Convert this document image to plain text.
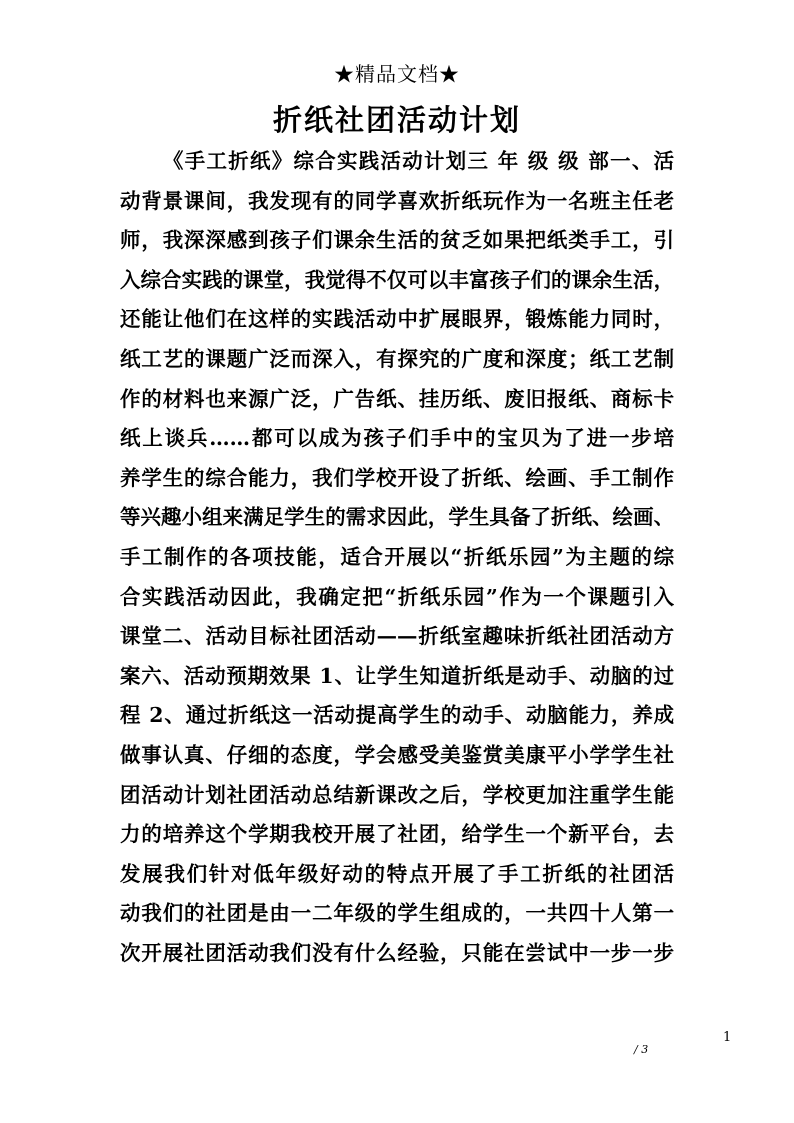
★精品文档★
折纸社团活动计划
《手工折纸》综合实践活动计划三 年 级 级 部一、活
动背景课间，我发现有的同学喜欢折纸玩作为一名班主任老
师，我深深感到孩子们课余生活的贫乏如果把纸类手工，引
入综合实践的课堂，我觉得不仅可以丰富孩子们的课余生活，
还能让他们在这样的实践活动中扩展眼界，锻炼能力同时，
纸工艺的课题广泛而深入，有探究的广度和深度；纸工艺制
作的材料也来源广泛，广告纸、挂历纸、废旧报纸、商标卡
纸上谈兵……都可以成为孩子们手中的宝贝为了进一步培
养学生的综合能力，我们学校开设了折纸、绘画、手工制作
等兴趣小组来满足学生的需求因此，学生具备了折纸、绘画、
手工制作的各项技能，适合开展以“折纸乐园”为主题的综
合实践活动因此，我确定把“折纸乐园”作为一个课题引入
课堂二、活动目标社团活动——折纸室趣味折纸社团活动方
案六、活动预期效果 1、让学生知道折纸是动手、动脑的过
程 2、通过折纸这一活动提高学生的动手、动脑能力，养成
做事认真、仔细的态度，学会感受美鉴赏美康平小学学生社
团活动计划社团活动总结新课改之后，学校更加注重学生能
力的培养这个学期我校开展了社团，给学生一个新平台，去
发展我们针对低年级好动的特点开展了手工折纸的社团活
动我们的社团是由一二年级的学生组成的，一共四十人第一
次开展社团活动我们没有什么经验，只能在尝试中一步一步
1
/ 3
